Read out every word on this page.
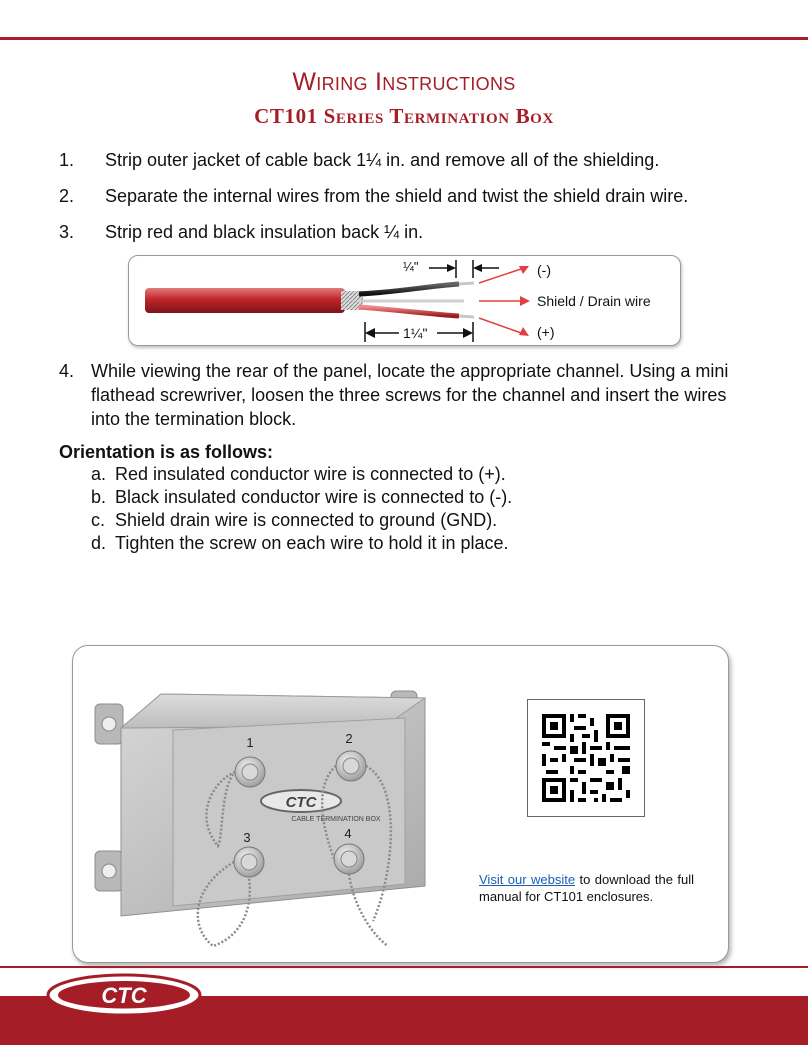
Wiring Instructions
CT101 Series Termination Box
1. Strip outer jacket of cable back 1¼ in. and remove all of the shielding.
2. Separate the internal wires from the shield and twist the shield drain wire.
3. Strip red and black insulation back ¼ in.
¼"
1¼"
(-)
Shield / Drain wire
(+)
4. While viewing the rear of the panel, locate the appropriate channel. Using a mini flathead screwriver, loosen the three screws for the channel and insert the wires into the termination block.
Orientation is as follows:
a. Red insulated conductor wire is connected to (+).
b. Black insulated conductor wire is connected to (-).
c. Shield drain wire is connected to ground (GND).
d. Tighten the screw on each wire to hold it in place.
CTC
CABLE TERMINATION BOX
1	2
3	4
Visit our website to download the full manual for CT101 enclosures.
CTC
